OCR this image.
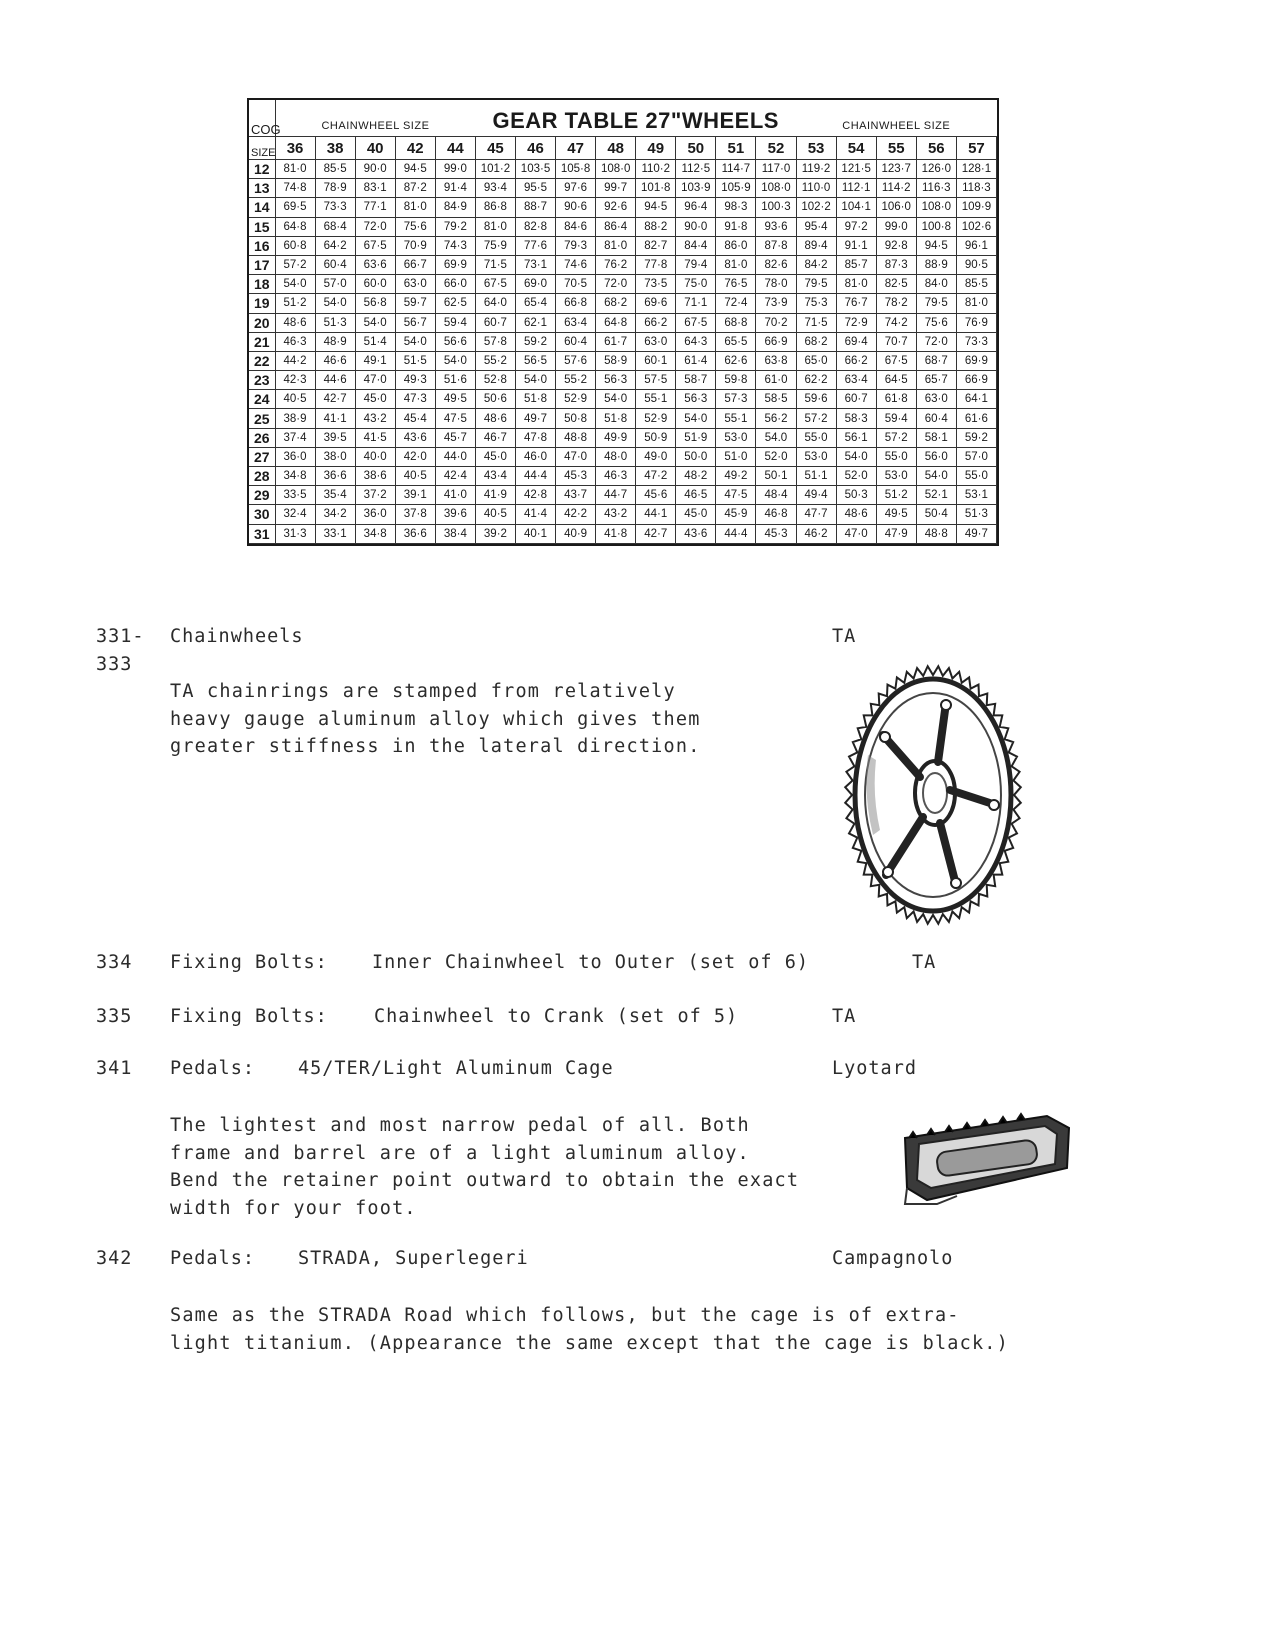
COG	CHAINWHEEL SIZE					GEAR TABLE 27"WHEELS								CHAINWHEEL SIZE				
SIZE	36	38	40	42	44	45	46	47	48	49	50	51	52	53	54	55	56	57
12	81·0	85·5	90·0	94·5	99·0	101·2	103·5	105·8	108·0	110·2	112·5	114·7	117·0	119·2	121·5	123·7	126·0	128·1
13	74·8	78·9	83·1	87·2	91·4	93·4	95·5	97·6	99·7	101·8	103·9	105·9	108·0	110·0	112·1	114·2	116·3	118·3
14	69·5	73·3	77·1	81·0	84·9	86·8	88·7	90·6	92·6	94·5	96·4	98·3	100·3	102·2	104·1	106·0	108·0	109·9
15	64·8	68·4	72·0	75·6	79·2	81·0	82·8	84·6	86·4	88·2	90·0	91·8	93·6	95·4	97·2	99·0	100·8	102·6
16	60·8	64·2	67·5	70·9	74·3	75·9	77·6	79·3	81·0	82·7	84·4	86·0	87·8	89·4	91·1	92·8	94·5	96·1
17	57·2	60·4	63·6	66·7	69·9	71·5	73·1	74·6	76·2	77·8	79·4	81·0	82·6	84·2	85·7	87·3	88·9	90·5
18	54·0	57·0	60·0	63·0	66·0	67·5	69·0	70·5	72·0	73·5	75·0	76·5	78·0	79·5	81·0	82·5	84·0	85·5
19	51·2	54·0	56·8	59·7	62·5	64·0	65·4	66·8	68·2	69·6	71·1	72·4	73·9	75·3	76·7	78·2	79·5	81·0
20	48·6	51·3	54·0	56·7	59·4	60·7	62·1	63·4	64·8	66·2	67·5	68·8	70·2	71·5	72·9	74·2	75·6	76·9
21	46·3	48·9	51·4	54·0	56·6	57·8	59·2	60·4	61·7	63·0	64·3	65·5	66·9	68·2	69·4	70·7	72·0	73·3
22	44·2	46·6	49·1	51·5	54·0	55·2	56·5	57·6	58·9	60·1	61·4	62·6	63·8	65·0	66·2	67·5	68·7	69·9
23	42·3	44·6	47·0	49·3	51·6	52·8	54·0	55·2	56·3	57·5	58·7	59·8	61·0	62·2	63·4	64·5	65·7	66·9
24	40·5	42·7	45·0	47·3	49·5	50·6	51·8	52·9	54·0	55·1	56·3	57·3	58·5	59·6	60·7	61·8	63·0	64·1
25	38·9	41·1	43·2	45·4	47·5	48·6	49·7	50·8	51·8	52·9	54·0	55·1	56·2	57·2	58·3	59·4	60·4	61·6
26	37·4	39·5	41·5	43·6	45·7	46·7	47·8	48·8	49·9	50·9	51·9	53·0	54.0	55·0	56·1	57·2	58·1	59·2
27	36·0	38·0	40·0	42·0	44·0	45·0	46·0	47·0	48·0	49·0	50·0	51·0	52·0	53·0	54·0	55·0	56·0	57·0
28	34·8	36·6	38·6	40·5	42·4	43·4	44·4	45·3	46·3	47·2	48·2	49·2	50·1	51·1	52·0	53·0	54·0	55·0
29	33·5	35·4	37·2	39·1	41·0	41·9	42·8	43·7	44·7	45·6	46·5	47·5	48·4	49·4	50·3	51·2	52·1	53·1
30	32·4	34·2	36·0	37·8	39·6	40·5	41·4	42·2	43·2	44·1	45·0	45·9	46·8	47·7	48·6	49·5	50·4	51·3
31	31·3	33·1	34·8	36·6	38·4	39·2	40·1	40·9	41·8	42·7	43·6	44·4	45·3	46·2	47·0	47·9	48·8	49·7
331-
333
Chainwheels	TA
TA chainrings are stamped from relatively
heavy gauge aluminum alloy which gives them
greater stiffness in the lateral direction.
334 Fixing Bolts: Inner Chainwheel to Outer (set of 6)	TA
335 Fixing Bolts: Chainwheel to Crank (set of 5)	TA
341 Pedals: 45/TER/Light Aluminum Cage	Lyotard
The lightest and most narrow pedal of all. Both
frame and barrel are of a light aluminum alloy.
Bend the retainer point outward to obtain the exact
width for your foot.
342 Pedals: STRADA, Superlegeri	Campagnolo
Same as the STRADA Road which follows, but the cage is of extra-
light titanium. (Appearance the same except that the cage is black.)
